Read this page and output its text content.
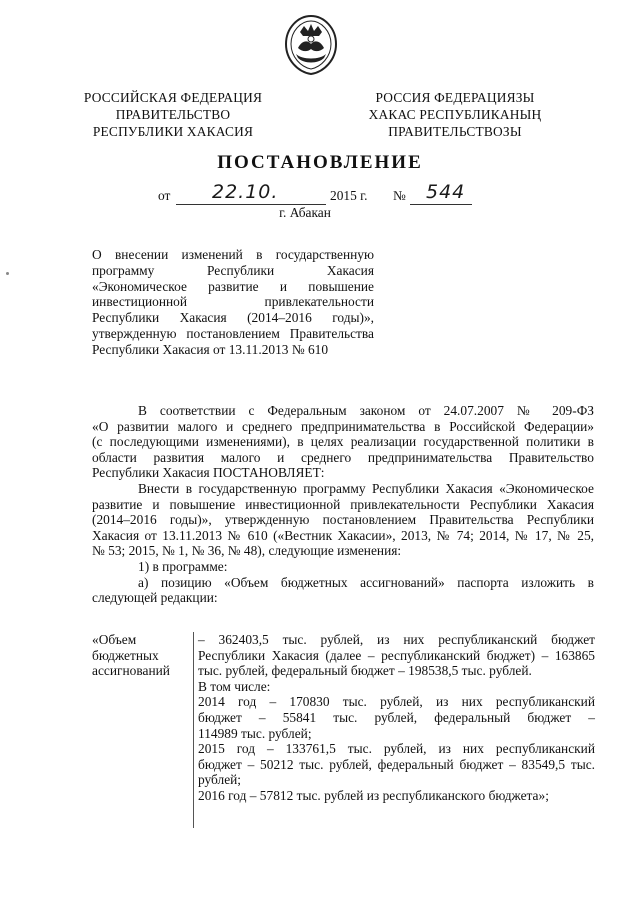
РОССИЙСКАЯ ФЕДЕРАЦИЯ
ПРАВИТЕЛЬСТВО
РЕСПУБЛИКИ ХАКАСИЯ
РОССИЯ ФЕДЕРАЦИЯЗЫ
ХАКАС РЕСПУБЛИКАНЫҢ
ПРАВИТЕЛЬСТВОЗЫ
ПОСТАНОВЛЕНИЕ
от 22.10.	2015 г. № 544
г. Абакан
О внесении изменений в государственную
программу Республики Хакасия
«Экономическое развитие и повышение
инвестиционной привлекательности
Республики Хакасия (2014–2016 годы)»,
утвержденную постановлением Правительства
Республики Хакасия от 13.11.2013 № 610
В соответствии с Федеральным законом от 24.07.2007 № 209-ФЗ
«О развитии малого и среднего предпринимательства в Российской Федерации»
(с последующими изменениями), в целях реализации государственной политики в
области развития малого и среднего предпринимательства Правительство
Республики Хакасия ПОСТАНОВЛЯЕТ:
Внести в государственную программу Республики Хакасия «Экономическое
развитие и повышение инвестиционной привлекательности Республики Хакасия
(2014–2016 годы)», утвержденную постановлением Правительства Республики
Хакасия от 13.11.2013 № 610 («Вестник Хакасии», 2013, № 74; 2014, № 17, № 25,
№ 53; 2015, № 1, № 36, № 48), следующие изменения:
1) в программе:
а) позицию «Объем бюджетных ассигнований» паспорта изложить в
следующей редакции:
«Объем
бюджетных
ассигнований
– 362403,5 тыс. рублей, из них республиканский бюджет
Республики Хакасия (далее – республиканский бюджет) – 163865
тыс. рублей, федеральный бюджет – 198538,5 тыс. рублей.
В том числе:
2014 год – 170830 тыс. рублей, из них республиканский
бюджет – 55841 тыс. рублей, федеральный бюджет –
114989 тыс. рублей;
2015 год – 133761,5 тыс. рублей, из них республиканский
бюджет – 50212 тыс. рублей, федеральный бюджет – 83549,5 тыс.
рублей;
2016 год – 57812 тыс. рублей из республиканского бюджета»;
